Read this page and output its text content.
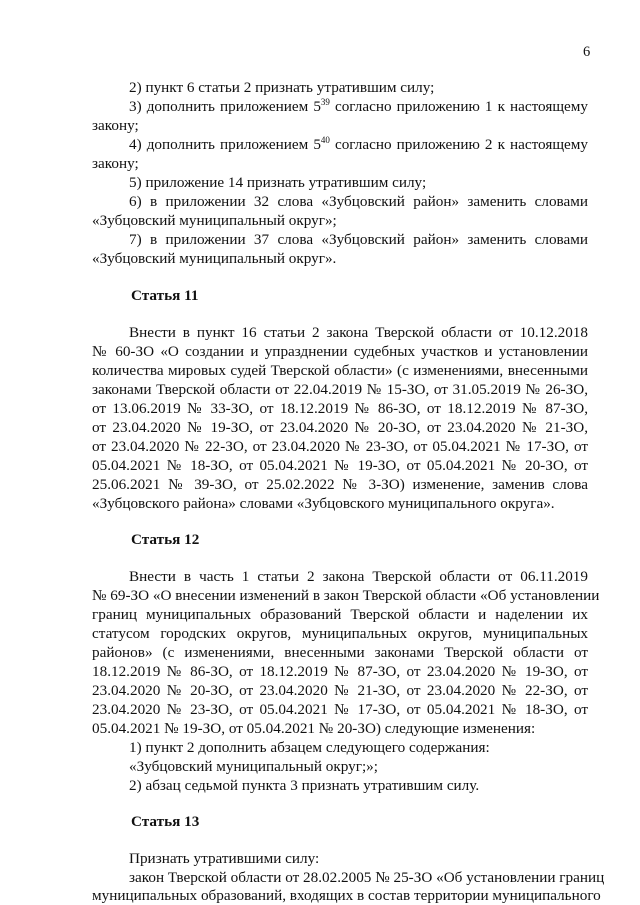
6
2) пункт 6 статьи 2 признать утратившим силу;
3) дополнить приложением $5^{39}$ согласно приложению 1 к настоящему
закону;
4) дополнить приложением $5^{40}$ согласно приложению 2 к настоящему
закону;
5) приложение 14 признать утратившим силу;
6) в приложении 32 слова «Зубцовский район» заменить словами
«Зубцовский муниципальный округ»;
7) в приложении 37 слова «Зубцовский район» заменить словами
«Зубцовский муниципальный округ».
Статья 11
Внести в пункт 16 статьи 2 закона Тверской области от 10.12.2018
№ 60-ЗО «О создании и упразднении судебных участков и установлении
количества мировых судей Тверской области» (с изменениями, внесенными
законами Тверской области от 22.04.2019 № 15-ЗО, от 31.05.2019 № 26-ЗО,
от 13.06.2019 № 33-ЗО, от 18.12.2019 № 86-ЗО, от 18.12.2019 № 87-ЗО,
от 23.04.2020 № 19-ЗО, от 23.04.2020 № 20-ЗО, от 23.04.2020 № 21-ЗО,
от 23.04.2020 № 22-ЗО, от 23.04.2020 № 23-ЗО, от 05.04.2021 № 17-ЗО, от
05.04.2021 № 18-ЗО, от 05.04.2021 № 19-ЗО, от 05.04.2021 № 20-ЗО, от
25.06.2021 № 39-ЗО, от 25.02.2022 № 3-ЗО) изменение, заменив слова
«Зубцовского района» словами «Зубцовского муниципального округа».
Статья 12
Внести в часть 1 статьи 2 закона Тверской области от 06.11.2019
№ 69-ЗО «О внесении изменений в закон Тверской области «Об установлении
границ муниципальных образований Тверской области и наделении их
статусом городских округов, муниципальных округов, муниципальных
районов» (с изменениями, внесенными законами Тверской области от
18.12.2019 № 86-ЗО, от 18.12.2019 № 87-ЗО, от 23.04.2020 № 19-ЗО, от
23.04.2020 № 20-ЗО, от 23.04.2020 № 21-ЗО, от 23.04.2020 № 22-ЗО, от
23.04.2020 № 23-ЗО, от 05.04.2021 № 17-ЗО, от 05.04.2021 № 18-ЗО, от
05.04.2021 № 19-ЗО, от 05.04.2021 № 20-ЗО) следующие изменения:
1) пункт 2 дополнить абзацем следующего содержания:
«Зубцовский муниципальный округ;»;
2) абзац седьмой пункта 3 признать утратившим силу.
Статья 13
Признать утратившими силу:
закон Тверской области от 28.02.2005 № 25-ЗО «Об установлении границ
муниципальных образований, входящих в состав территории муниципального
